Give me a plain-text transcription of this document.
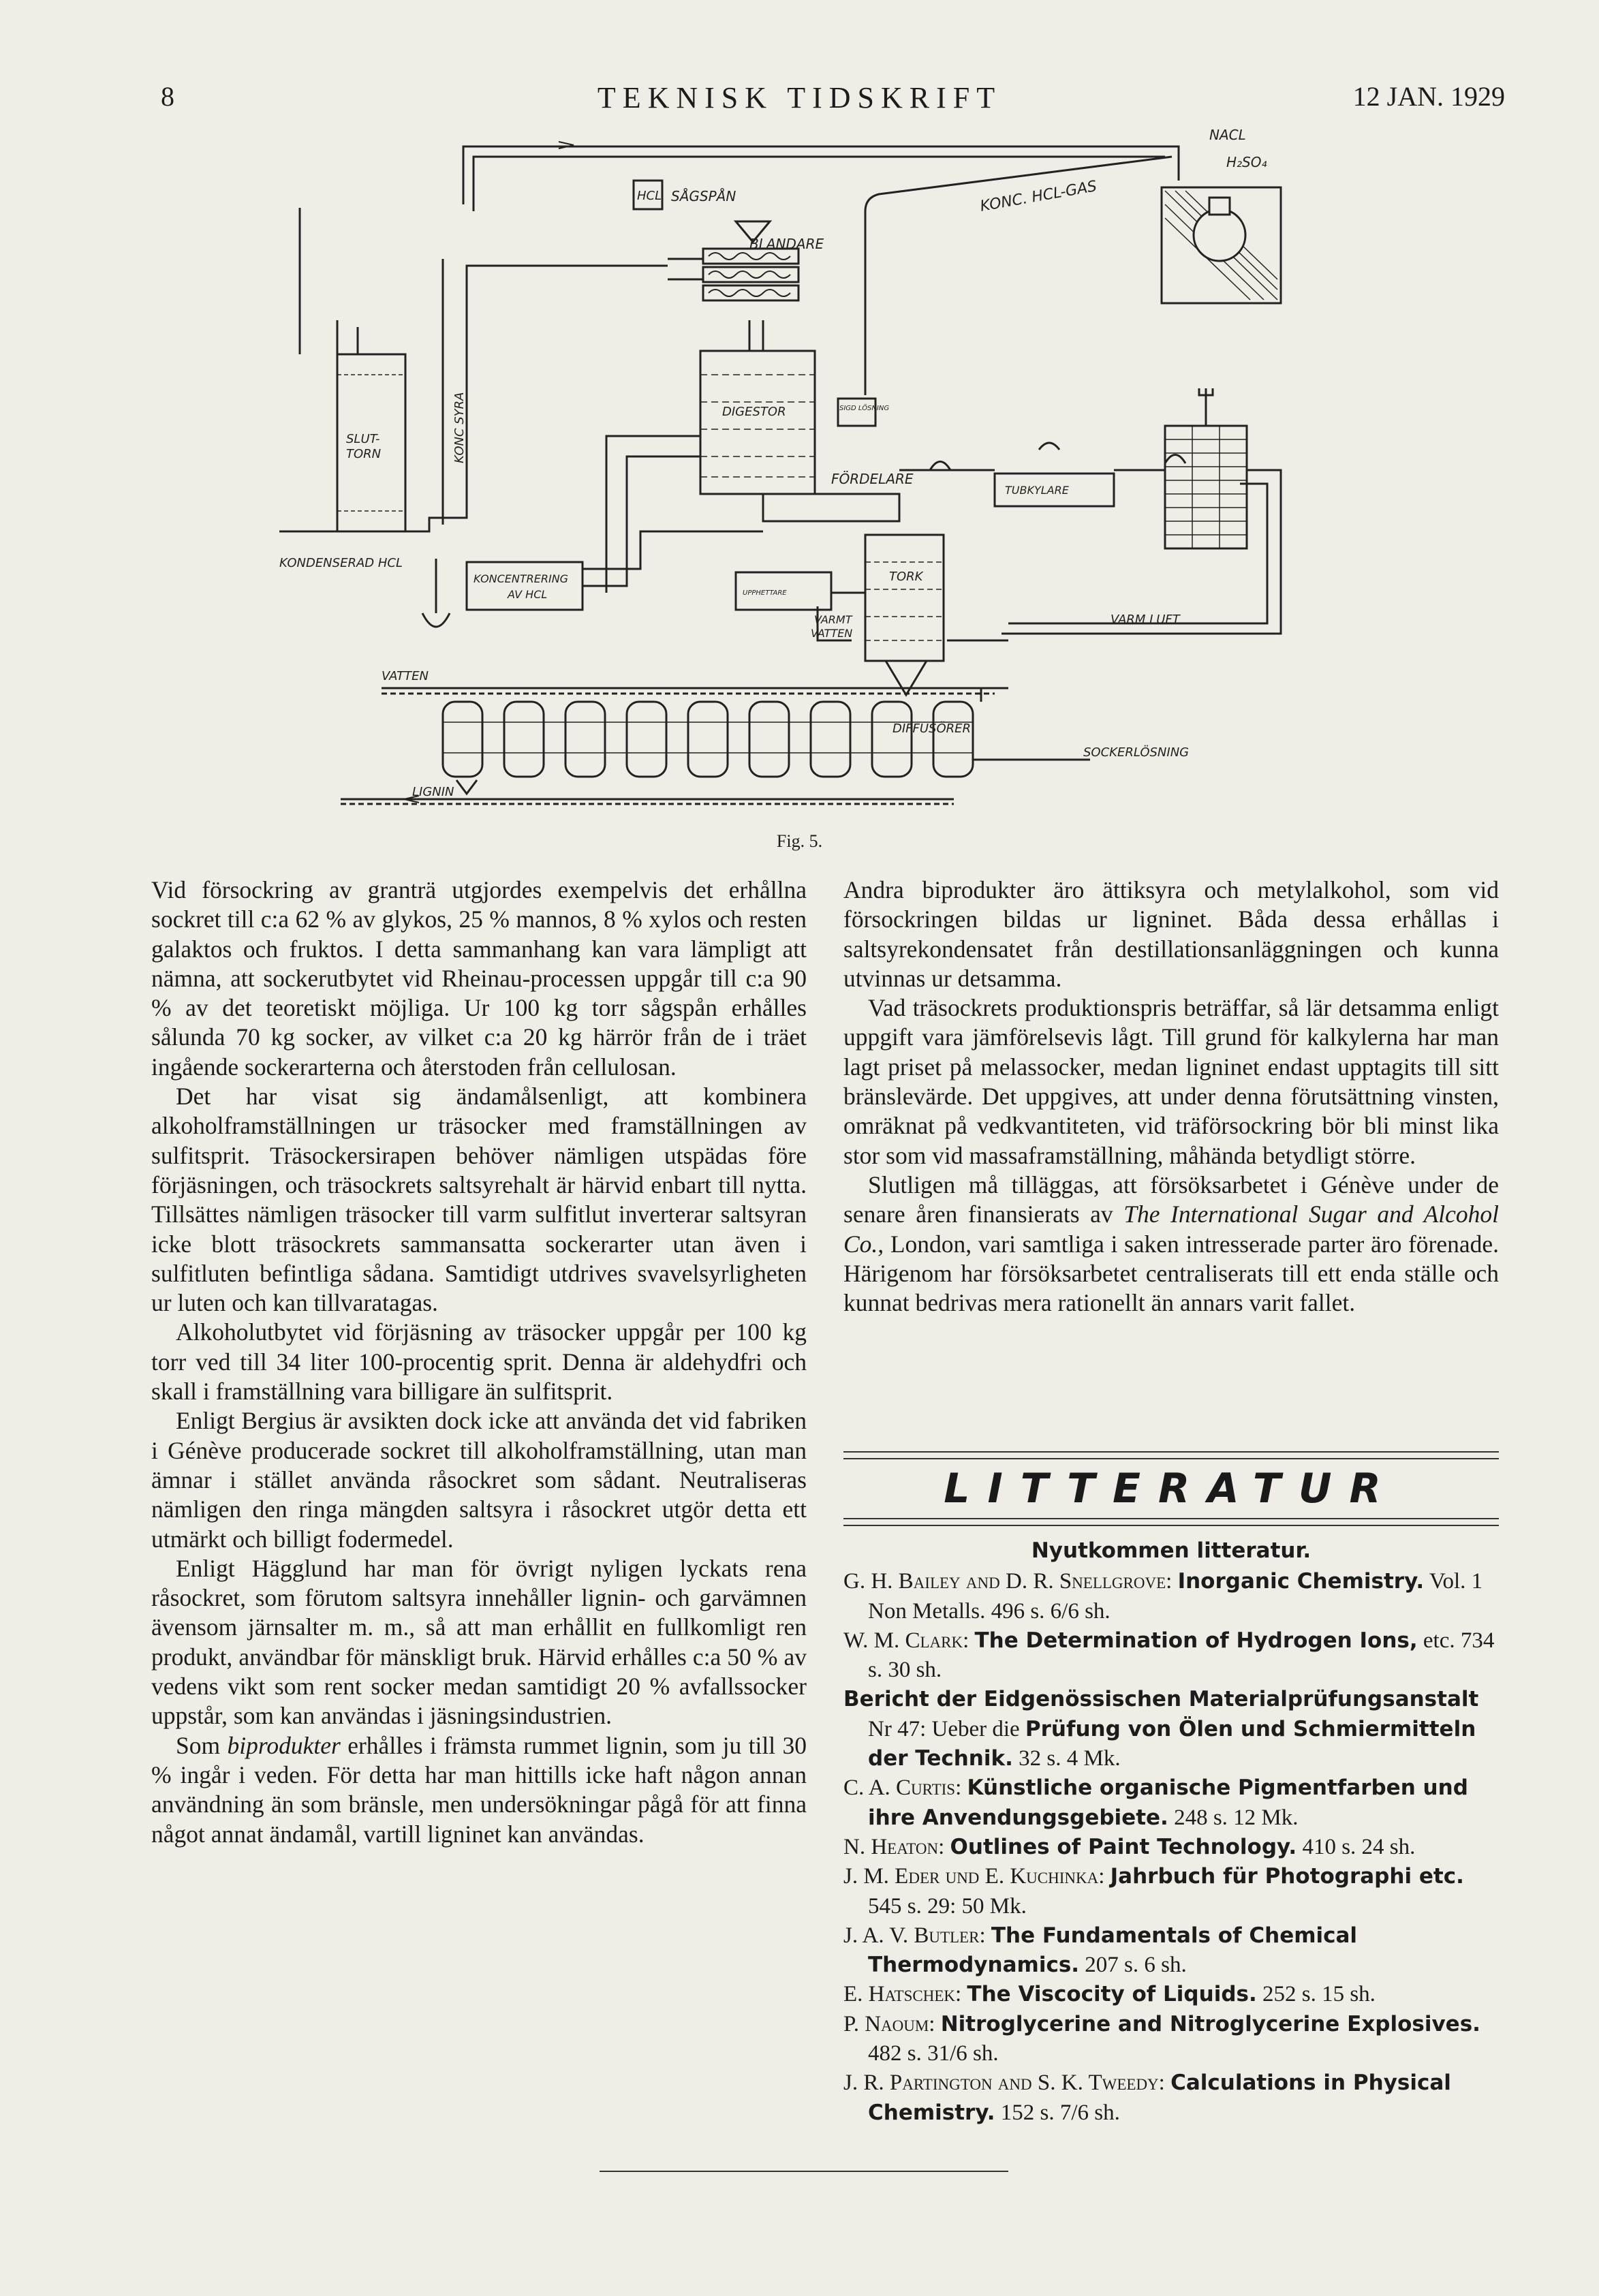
TEKNISK TIDSKRIFT
8	12 JAN. 1929
HCL SÅGSPÅN
BLANDARE
KONC. HCL-GAS
NACL
H₂SO₄
SLUT-
TORN	KONC SYRA	DIGESTOR	SIGD LÖSNING
FÖRDELARE
TUBKYLARE
KONDENSERAD HCL
KONCENTRERING
AV HCL	UPPHETTARE
TORK
VARMT
VATTEN
VARM LUFT
VATTEN
DIFFUSÖRER
SOCKERLÖSNING
LIGNIN
Fig. 5.

Vid försockring av granträ utgjordes exempelvis det erhållna sockret till c:a 62 % av glykos, 25 % mannos, 8 % xylos och resten galaktos och fruktos. I detta sammanhang kan vara lämpligt att nämna, att sockerutbytet vid Rheinau-processen uppgår till c:a 90 % av det teoretiskt möjliga. Ur 100 kg torr sågspån erhålles sålunda 70 kg socker, av vilket c:a 20 kg härrör från de i träet ingående sockerarterna och återstoden från cellulosan.

Det har visat sig ändamålsenligt, att kombinera alkoholframställningen ur träsocker med framställningen av sulfitsprit. Träsockersirapen behöver nämligen utspädas före förjäsningen, och träsockrets saltsyrehalt är härvid enbart till nytta. Tillsättes nämligen träsocker till varm sulfitlut inverterar saltsyran icke blott träsockrets sammansatta sockerarter utan även i sulfitluten befintliga sådana. Samtidigt utdrives svavelsyrligheten ur luten och kan tillvaratagas.

Alkoholutbytet vid förjäsning av träsocker uppgår per 100 kg torr ved till 34 liter 100-procentig sprit. Denna är aldehydfri och skall i framställning vara billigare än sulfitsprit.

Enligt Bergius är avsikten dock icke att använda det vid fabriken i Génève producerade sockret till alkoholframställning, utan man ämnar i stället använda råsockret som sådant. Neutraliseras nämligen den ringa mängden saltsyra i råsockret utgör detta ett utmärkt och billigt fodermedel.

Enligt Hägglund har man för övrigt nyligen lyckats rena råsockret, som förutom saltsyra innehåller lignin- och garvämnen ävensom järnsalter m. m., så att man erhållit en fullkomligt ren produkt, användbar för mänskligt bruk. Härvid erhålles c:a 50 % av vedens vikt som rent socker medan samtidigt 20 % avfallssocker uppstår, som kan användas i jäsningsindustrien.

Som biprodukter erhålles i främsta rummet lignin, som ju till 30 % ingår i veden. För detta har man hittills icke haft någon annan användning än som bränsle, men undersökningar pågå för att finna något annat ändamål, vartill ligninet kan användas.

Andra biprodukter äro ättiksyra och metylalkohol, som vid försockringen bildas ur ligninet. Båda dessa erhållas i saltsyrekondensatet från destillationsanläggningen och kunna utvinnas ur detsamma.

Vad träsockrets produktionspris beträffar, så lär detsamma enligt uppgift vara jämförelsevis lågt. Till grund för kalkylerna har man lagt priset på melassocker, medan ligninet endast upptagits till sitt bränslevärde. Det uppgives, att under denna förutsättning vinsten, omräknat på vedkvantiteten, vid träförsockring bör bli minst lika stor som vid massaframställning, måhända betydligt större.

Slutligen må tilläggas, att försöksarbetet i Génève under de senare åren finansierats av The International Sugar and Alcohol Co., London, vari samtliga i saken intresserade parter äro förenade. Härigenom har försöksarbetet centraliserats till ett enda ställe och kunnat bedrivas mera rationellt än annars varit fallet.

LITTERATUR
Nyutkommen litteratur.

G. H. Bailey and D. R. Snellgrove: Inorganic Chemistry. Vol. 1 Non Metalls. 496 s. 6/6 sh.

W. M. Clark: The Determination of Hydrogen Ions, etc. 734 s. 30 sh.

Bericht der Eidgenössischen Materialprüfungsanstalt Nr 47: Ueber die Prüfung von Ölen und Schmiermitteln der Technik. 32 s. 4 Mk.

C. A. Curtis: Künstliche organische Pigmentfarben und ihre Anvendungsgebiete. 248 s. 12 Mk.

N. Heaton: Outlines of Paint Technology. 410 s. 24 sh.

J. M. Eder und E. Kuchinka: Jahrbuch für Photographi etc. 545 s. 29: 50 Mk.

J. A. V. Butler: The Fundamentals of Chemical Thermodynamics. 207 s. 6 sh.

E. Hatschek: The Viscocity of Liquids. 252 s. 15 sh.

P. Naoum: Nitroglycerine and Nitroglycerine Explosives. 482 s. 31/6 sh.

J. R. Partington and S. K. Tweedy: Calculations in Physical Chemistry. 152 s. 7/6 sh.
